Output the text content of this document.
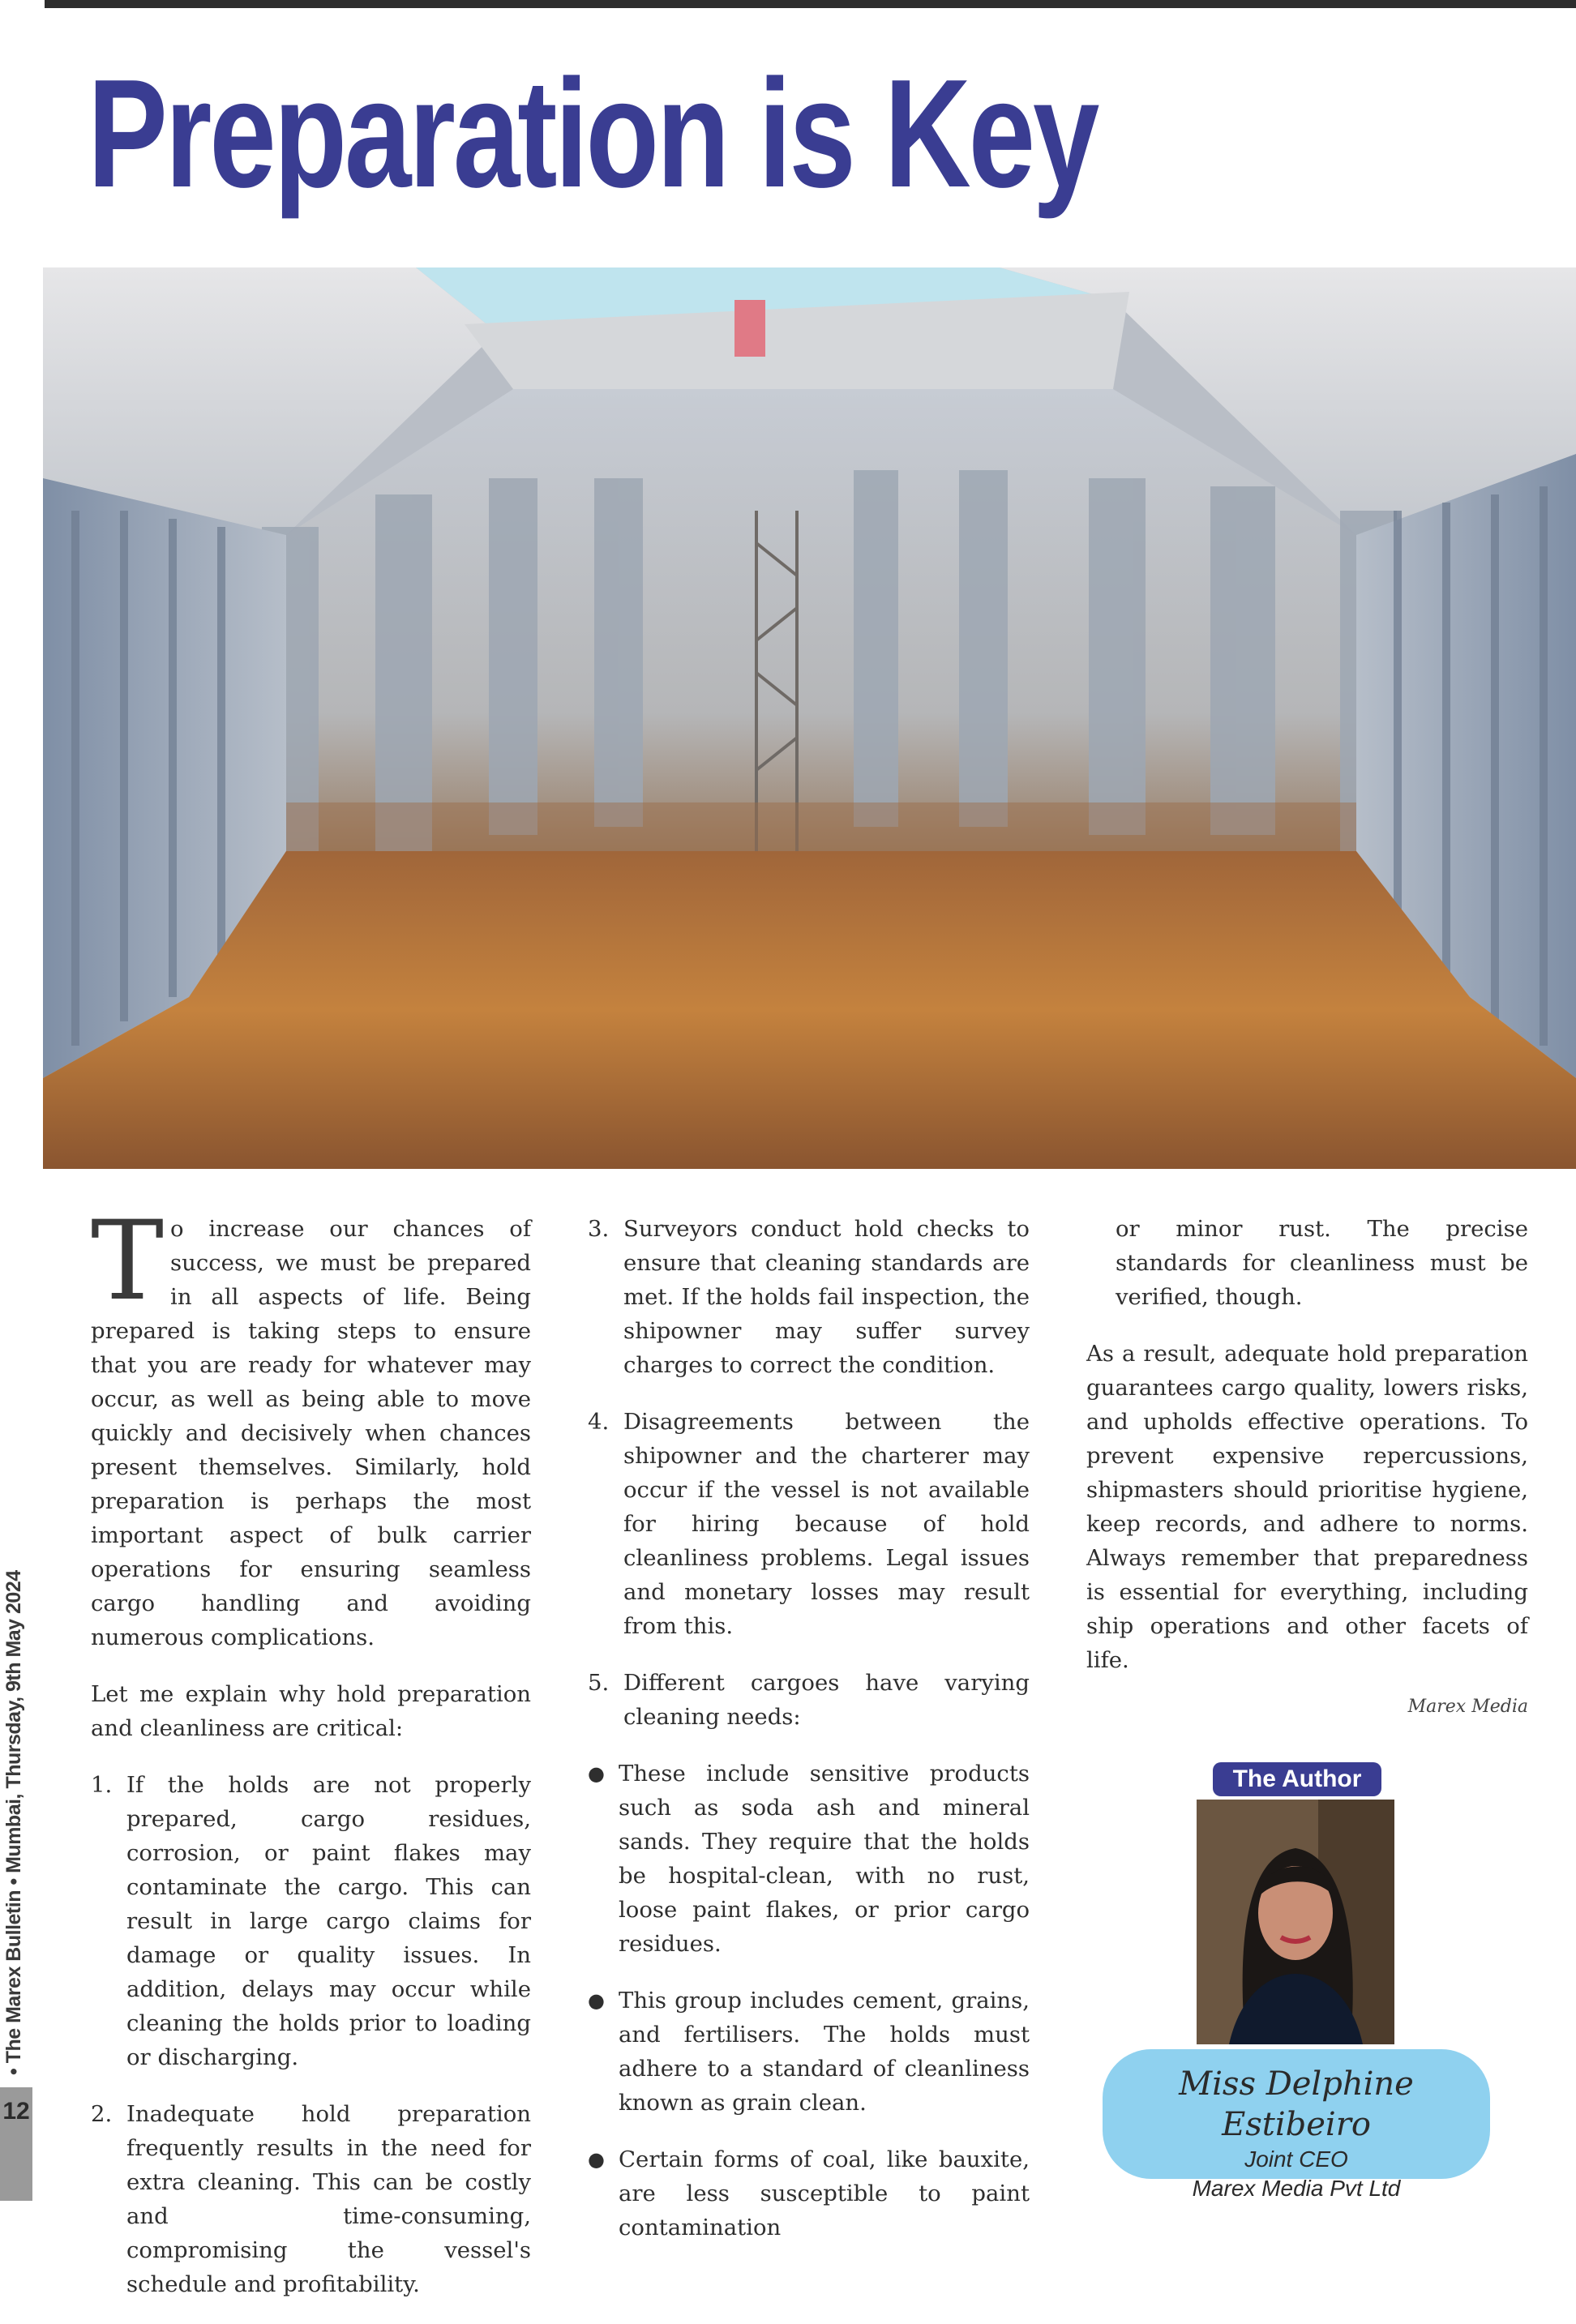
Preparation is Key
• The Marex Bulletin • Mumbai, Thursday, 9th May 2024
12

To increase our chances of success, we must be prepared in all aspects of life. Being prepared is taking steps to ensure that you are ready for whatever may occur, as well as being able to move quickly and decisively when chances present themselves. Similarly, hold preparation is perhaps the most important aspect of bulk carrier operations for ensuring seamless cargo handling and avoiding numerous complications.

Let me explain why hold preparation and cleanliness are critical:

1. If the holds are not properly prepared, cargo residues, corrosion, or paint flakes may contaminate the cargo. This can result in large cargo claims for damage or quality issues. In addition, delays may occur while cleaning the holds prior to loading or discharging.
2. Inadequate hold preparation frequently results in the need for extra cleaning. This can be costly and time-consuming, compromising the vessel's schedule and profitability.
3. Surveyors conduct hold checks to ensure that cleaning standards are met. If the holds fail inspection, the shipowner may suffer survey charges to correct the condition.
4. Disagreements between the shipowner and the charterer may occur if the vessel is not available for hiring because of hold cleanliness problems. Legal issues and monetary losses may result from this.
5. Different cargoes have varying cleaning needs:
● These include sensitive products such as soda ash and mineral sands. They require that the holds be hospital-clean, with no rust, loose paint flakes, or prior cargo residues.
● This group includes cement, grains, and fertilisers. The holds must adhere to a standard of cleanliness known as grain clean.
● Certain forms of coal, like bauxite, are less susceptible to paint contamination

or minor rust. The precise standards for cleanliness must be verified, though.

As a result, adequate hold preparation guarantees cargo quality, lowers risks, and upholds effective operations. To prevent expensive repercussions, shipmasters should prioritise hygiene, keep records, and adhere to norms. Always remember that preparedness is essential for everything, including ship operations and other facets of life.

Marex Media

The Author
Miss Delphine Estibeiro
Joint CEO
Marex Media Pvt Ltd
